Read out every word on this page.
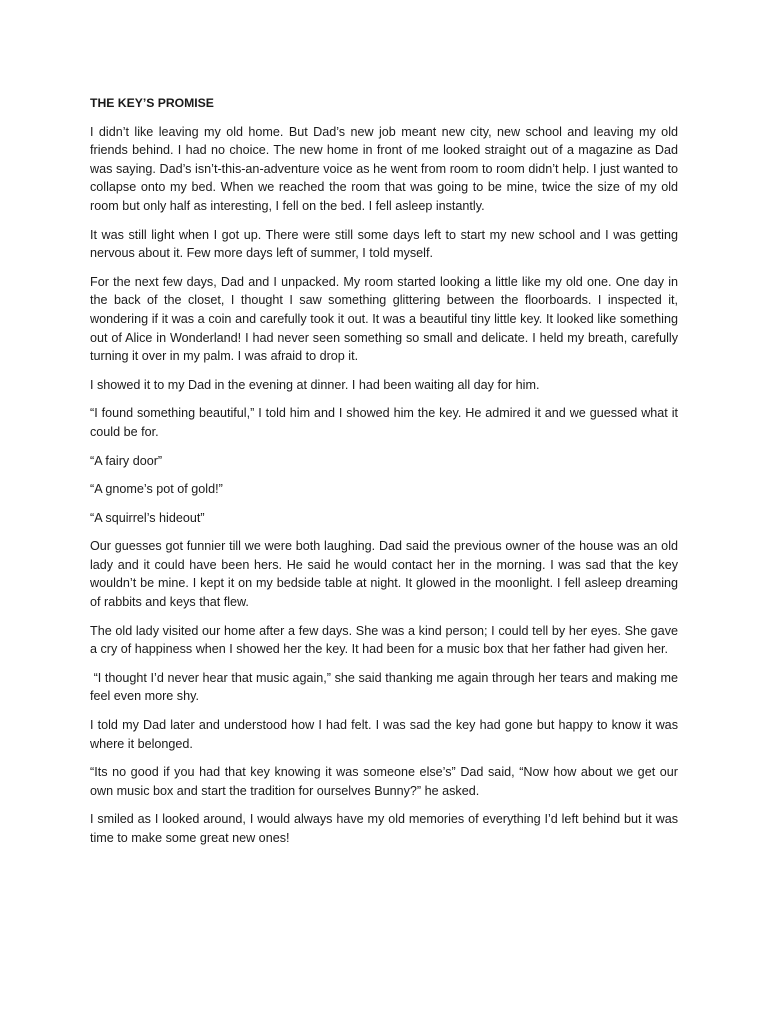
THE KEY’S PROMISE

I didn’t like leaving my old home. But Dad’s new job meant new city, new school and leaving my old friends behind. I had no choice. The new home in front of me looked straight out of a magazine as Dad was saying. Dad’s isn’t-this-an-adventure voice as he went from room to room didn’t help. I just wanted to collapse onto my bed. When we reached the room that was going to be mine, twice the size of my old room but only half as interesting, I fell on the bed. I fell asleep instantly.

It was still light when I got up. There were still some days left to start my new school and I was getting nervous about it. Few more days left of summer, I told myself.

For the next few days, Dad and I unpacked. My room started looking a little like my old one. One day in the back of the closet, I thought I saw something glittering between the floorboards. I inspected it, wondering if it was a coin and carefully took it out. It was a beautiful tiny little key. It looked like something out of Alice in Wonderland! I had never seen something so small and delicate. I held my breath, carefully turning it over in my palm. I was afraid to drop it.

I showed it to my Dad in the evening at dinner. I had been waiting all day for him.

“I found something beautiful,” I told him and I showed him the key. He admired it and we guessed what it could be for.

“A fairy door”

“A gnome’s pot of gold!”

“A squirrel’s hideout”

Our guesses got funnier till we were both laughing. Dad said the previous owner of the house was an old lady and it could have been hers. He said he would contact her in the morning. I was sad that the key wouldn’t be mine. I kept it on my bedside table at night. It glowed in the moonlight. I fell asleep dreaming of rabbits and keys that flew.

The old lady visited our home after a few days. She was a kind person; I could tell by her eyes. She gave a cry of happiness when I showed her the key. It had been for a music box that her father had given her.

“I thought I’d never hear that music again,” she said thanking me again through her tears and making me feel even more shy.

I told my Dad later and understood how I had felt. I was sad the key had gone but happy to know it was where it belonged.

“Its no good if you had that key knowing it was someone else’s” Dad said, “Now how about we get our own music box and start the tradition for ourselves Bunny?” he asked.

I smiled as I looked around, I would always have my old memories of everything I’d left behind but it was time to make some great new ones!
